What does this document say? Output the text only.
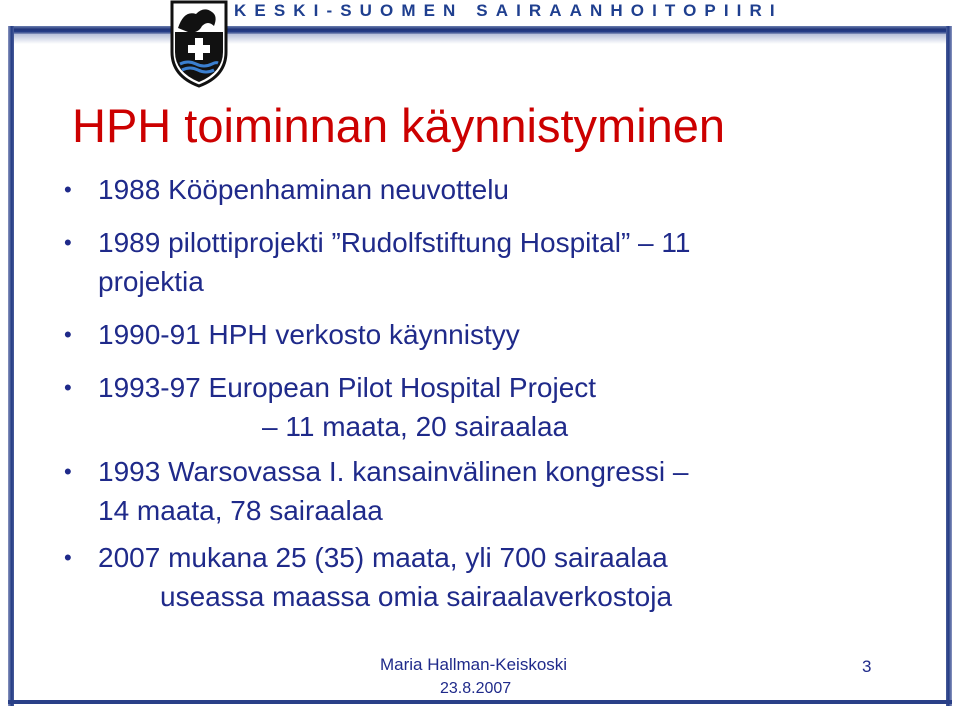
KESKI-SUOMEN SAIRAANHOITOPIIRI
HPH toiminnan käynnistyminen
• 1988 Kööpenhaminan neuvottelu
• 1989 pilottiprojekti ”Rudolfstiftung Hospital” – 11
projektia
• 1990-91 HPH verkosto käynnistyy
• 1993-97 European Pilot Hospital Project
– 11 maata, 20 sairaalaa
• 1993 Warsovassa I. kansainvälinen kongressi –
14 maata, 78 sairaalaa
• 2007 mukana 25 (35) maata, yli 700 sairaalaa
useassa maassa omia sairaalaverkostoja
Maria Hallman-Keiskoski
23.8.2007
3
